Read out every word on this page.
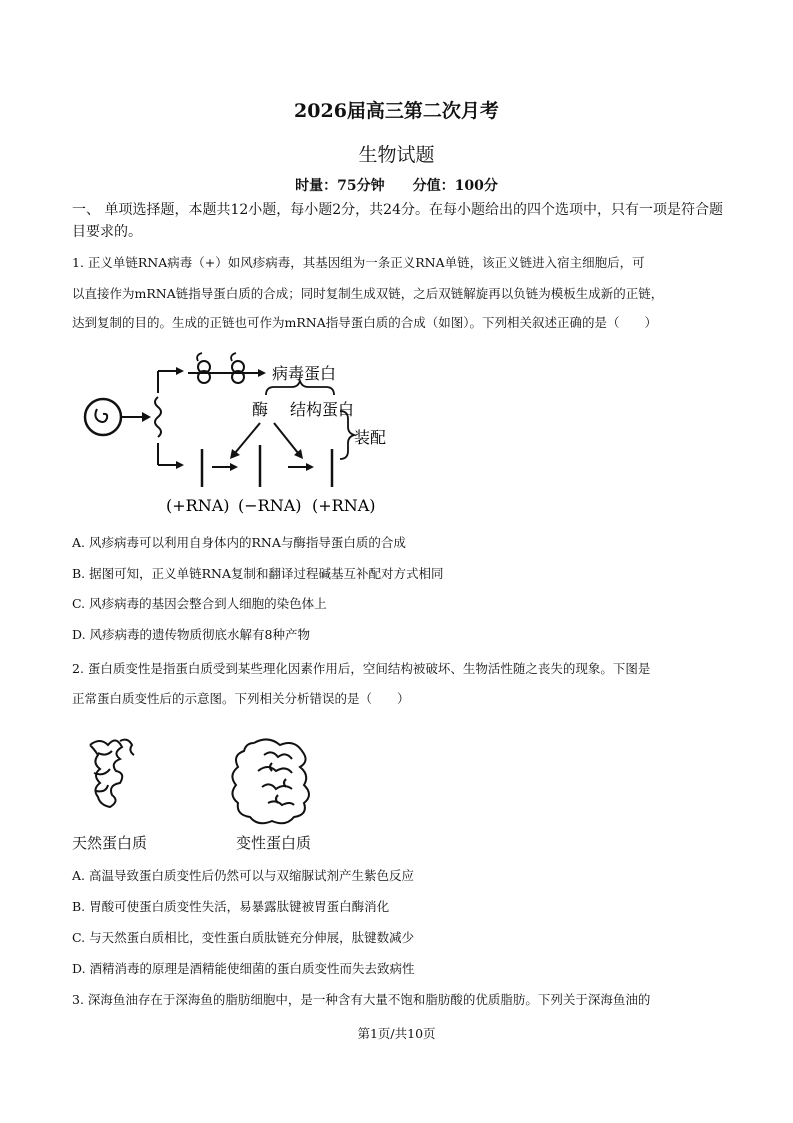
2026届高三第二次月考
生物试题
时量：75分钟　　分值：100分
一、 单项选择题，本题共12小题，每小题2分，共24分。在每小题给出的四个选项中，只有一项是符合题目要求的。
1. 正义单链RNA病毒（+）如风疹病毒，其基因组为一条正义RNA单链，该正义链进入宿主细胞后，可
以直接作为mRNA链指导蛋白质的合成；同时复制生成双链，之后双链解旋再以负链为模板生成新的正链，
达到复制的目的。生成的正链也可作为mRNA指导蛋白质的合成（如图）。下列相关叙述正确的是（　　）
病毒蛋白
酶 结构蛋白
装配
(+RNA) (−RNA) (+RNA)
A. 风疹病毒可以利用自身体内的RNA与酶指导蛋白质的合成
B. 据图可知，正义单链RNA复制和翻译过程碱基互补配对方式相同
C. 风疹病毒的基因会整合到人细胞的染色体上
D. 风疹病毒的遗传物质彻底水解有8种产物
2. 蛋白质变性是指蛋白质受到某些理化因素作用后，空间结构被破坏、生物活性随之丧失的现象。下图是
正常蛋白质变性后的示意图。下列相关分析错误的是（　　）
天然蛋白质	变性蛋白质
A. 高温导致蛋白质变性后仍然可以与双缩脲试剂产生紫色反应
B. 胃酸可使蛋白质变性失活，易暴露肽键被胃蛋白酶消化
C. 与天然蛋白质相比，变性蛋白质肽链充分伸展，肽键数减少
D. 酒精消毒的原理是酒精能使细菌的蛋白质变性而失去致病性
3. 深海鱼油存在于深海鱼的脂肪细胞中，是一种含有大量不饱和脂肪酸的优质脂肪。下列关于深海鱼油的
第1页/共10页
